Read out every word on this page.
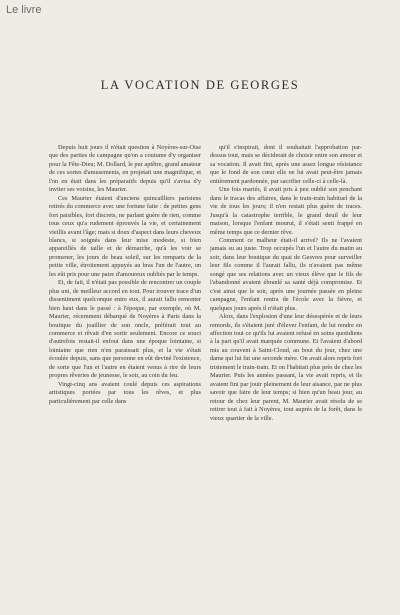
Le livre
LA VOCATION DE GEORGES

Depuis huit jours il n'était question à Noyères-sur-Oise que des parties de campagne qu'on a coutume d'y organiser pour la Fête-Dieu; M. Dollard, le pur aptêtre, grand amateur de ces sortes d'amusements, en projetait une magnifique, et l'on en était dans les préparatifs depuis qu'il s'avisa d'y inviter ses voisins, les Maurier.

Ces Maurier étaient d'anciens quincailliers parisiens retirés du commerce avec une fortune faite : de petites gens fort paisibles, fort discrets, ne parlant guère de rien, comme tous ceux qu'a rudement éprouvés la vie, et certainement vieillis avant l'âge; mais si doux d'aspect dans leurs cheveux blancs, si soignés dans leur mise modeste, si bien appareillés de taille et de démarche, qu'à les voir se promener, les jours de beau soleil, sur les remparts de la petite ville, étroitement appuyés au bras l'un de l'autre, on les eût pris pour une paire d'amoureux oubliés par le temps.

Et, de fait, il n'était pas possible de rencontrer un couple plus uni, de meilleur accord en tout. Pour trouver trace d'un dissentiment quelconque entre eux, il aurait fallu remonter bien haut dans le passé : à l'époque, par exemple, où M. Maurier, récemment débarqué de Noyères à Paris dans la boutique du joaillier de son oncle, préférait tout au commerce et rêvait d'en sortir seulement. Encore ce souci d'autrefois restait-il enfoui dans une époque lointaine, si lointaine que rien n'en paraissait plus, et la vie s'était écoulée depuis, sans que personne en eût deviné l'existence, de sorte que l'un et l'autre en étaient venus à rire de leurs propres rêveries de jeunesse, le soir, au coin du feu.

Vingt-cinq ans avaient coulé depuis ces aspirations artistiques portées par tous les rêves, et plus particulièrement par celle dans

qu'il s'inspirait, dont il souhaitait l'approbation par-dessus tout, mais se déciderait de choisir entre son amour et sa vocation. Il avait fini, après une assez longue résistance que le fond de son cœur elle ne lui avait peut-être jamais entièrement pardonnée, par sacrifier celle-ci à celle-là.

Une fois mariés, il avait pris à peu oublié son penchant dans le tracas des affaires, dans le train-train habituel de la vie de tous les jours; il n'en restait plus guère de traces. Jusqu'à la catastrophe terrible, le grand deuil de leur maison, lorsque l'enfant mourut, il s'était senti frappé en même temps que ce dernier rêve.

Comment ce malheur était-il arrivé? Ils ne l'avaient jamais su au juste. Trop occupés l'un et l'autre du matin au soir, dans leur boutique du quai de Gesvres pour surveiller leur fils comme il l'aurait fallu, ils n'avaient pas même songé que ses relations avec un vieux élève que le fils de l'abandonné avaient ébranlé sa santé déjà compromise. Et c'est ainsi que le soir, après une journée passée en pleine campagne, l'enfant rentra de l'école avec la fièvre, et quelques jours après il n'était plus.

Alors, dans l'explosion d'une leur désespérée et de leurs remords, ils s'étaient juré d'élever l'enfant, de lui rendre en affection tout ce qu'ils lui avaient refusé en soins quotidiens à la part qu'il avait marquée commune. Et l'avaient d'abord mis au couvent à Saint-Cloud, au bout du jour, chez une dame qui lui fut une seconde mère. On avait alors repris fort tristement le train-train. Et on l'habitait plus près de chez les Maurier. Puis les années passant, la vie avait repris, et ils avaient fini par jouir pleinement de leur aisance, par ne plus savoir que faire de leur temps; si bien qu'un beau jour, au retour de chez leur parent, M. Maurier avait résolu de se retirer tout à fait à Noyères, tout auprès de la forêt, dans le vieux quartier de la ville.
